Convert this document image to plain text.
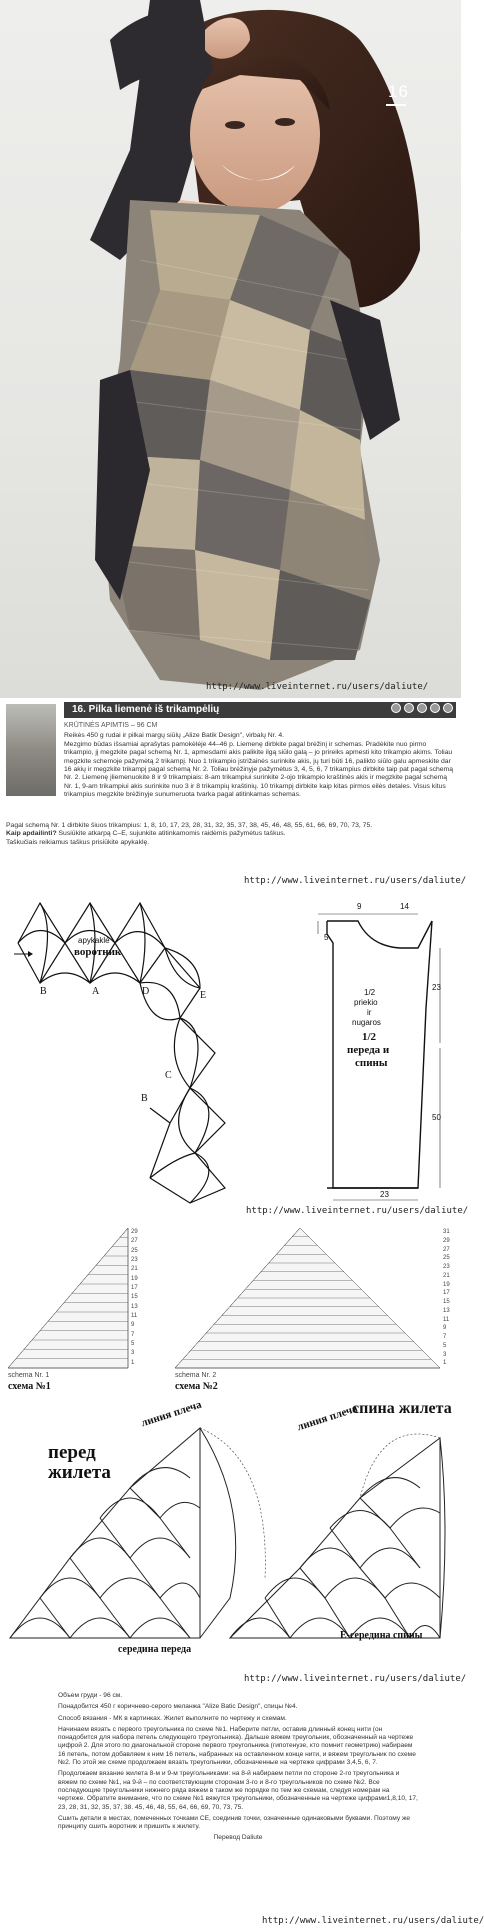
16
http://www.liveinternet.ru/users/daliute/
16. Pilka liemenė iš trikampėlių

KRŪTINĖS APIMTIS – 96 CM

Reikės 450 g rudai ir pilkai margų siūlų „Alize Batik Design", virbalų Nr. 4.

Mezgimo būdas išsamiai aprašytas pamokėlėje 44–46 p. Liemenę dirbkite pagal brėžinį ir schemas. Pradėkite nuo pirmo trikampio, jį megzkite pagal schemą Nr. 1, apmesdami akis palikite ilgą siūlo galą – jo prireiks apmesti kito trikampio akims. Toliau megzkite schemoje pažymėtą 2 trikampį. Nuo 1 trikampio įstrižainės surinkite akis, jų turi būti 16, palikto siūlo galu apmeskite dar 16 akių ir megzkite trikampį pagal schemą Nr. 2. Toliau brėžinyje pažymėtus 3, 4, 5, 6, 7 trikampius dirbkite taip pat pagal schemą Nr. 2. Liemenę įliemenuokite 8 ir 9 trikampiais: 8-am trikampiui surinkite 2-ojo trikampio kraštinės akis ir megzkite pagal schemą Nr. 1, 9-am trikampiui akis surinkite nuo 3 ir 8 trikampių kraštinių. 10 trikampį dirbkite kaip kitas pirmos eilės detales. Visus kitus trikampius megzkite brėžinyje sunumeruota tvarka pagal atitinkamas schemas.

Pagal schemą Nr. 1 dirbkite šiuos trikampius: 1, 8, 10, 17, 23, 28, 31, 32, 35, 37, 38, 45, 46, 48, 55, 61, 66, 69, 70, 73, 75.

Kaip apdailinti? Susiūkite atkarpą C–E, sujunkite atitinkamomis raidėmis pažymėtus taškus.

Taškučiais reikiamus taškus prisiūkite apykaklę.

http://www.liveinternet.ru/users/daliute/
apykaklė
воротник
B	A	D	E
C
B
9	14
5
23
50
23
1/2
priekio
ir
nugaros
1/2
переда и
спины
http://www.liveinternet.ru/users/daliute/
schema Nr. 1
схема №1
schema Nr. 2
схема №2
29
27
25
23
21
19
17
15
13
11
9
7
5
3
1
31
29
27
25
23
21
19
17
15
13
11
9
7
5
3
1
перед
жилета
спина жилета
линия плеча	линия плеча
середина переда
E-середина спины
http://www.liveinternet.ru/users/daliute/

Объем груди - 96 см.

Понадобится 450 г коричнево-серого меланжа "Alize Batic Design", спицы №4.

Способ вязания - МК в картинках. Жилет выполните по чертежу и схемам.

Начинаем вязать с первого треугольника по схеме №1. Наберите петли, оставив длинный конец нити (он понадобится для набора петель следующего треугольника). Дальше вяжем треугольник, обозначенный на чертеже цифрой 2. Для этого по диагональной стороне первого треугольника (гипотенузе, кто помнит геометрию) набираем 16 петель, потом добавляем к ним 16 петель, набранных на оставленном конце нити, и вяжем треугольник по схеме №2. По этой же схеме продолжаем вязать треугольники, обозначенные на чертеже цифрами 3,4,5, 6, 7.

Продолжаем вязание жилета 8-м и 9-м треугольниками: на 8-й набираем петли по стороне 2-го треугольника и вяжем по схеме №1, на 9-й – по соответствующим сторонам 3-го и 8-го треугольников по схеме №2. Все последующие треугольники нижнего ряда вяжем в таком же порядке по тем же схемам, следуя номерам на чертеже. Обратите внимание, что по схеме №1 вяжутся треугольники, обозначенные на чертеже цифрами1,8,10, 17, 23, 28, 31, 32, 35, 37, 38. 45, 46, 48, 55, 64, 66, 69, 70, 73, 75.

Сшить детали в местах, помеченных точками СЕ, соединив точки, означенные одинаковыми буквами. Поэтому же принципу сшить воротник и пришить к жилету.

Перевод Daliute

http://www.liveinternet.ru/users/daliute/
